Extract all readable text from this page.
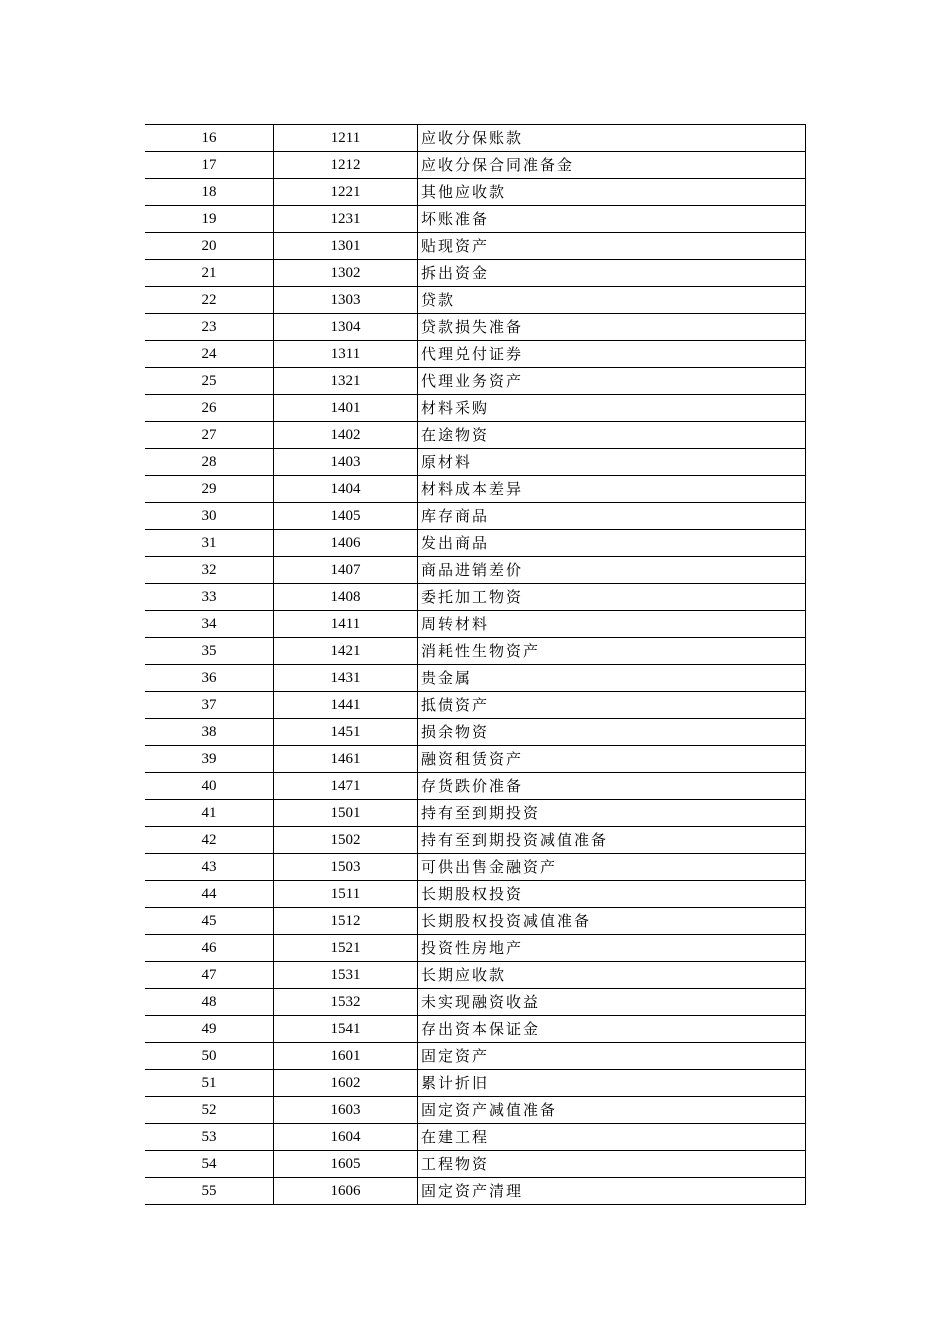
16	1211	应收分保账款
17	1212	应收分保合同准备金
18	1221	其他应收款
19	1231	坏账准备
20	1301	贴现资产
21	1302	拆出资金
22	1303	贷款
23	1304	贷款损失准备
24	1311	代理兑付证券
25	1321	代理业务资产
26	1401	材料采购
27	1402	在途物资
28	1403	原材料
29	1404	材料成本差异
30	1405	库存商品
31	1406	发出商品
32	1407	商品进销差价
33	1408	委托加工物资
34	1411	周转材料
35	1421	消耗性生物资产
36	1431	贵金属
37	1441	抵债资产
38	1451	损余物资
39	1461	融资租赁资产
40	1471	存货跌价准备
41	1501	持有至到期投资
42	1502	持有至到期投资减值准备
43	1503	可供出售金融资产
44	1511	长期股权投资
45	1512	长期股权投资减值准备
46	1521	投资性房地产
47	1531	长期应收款
48	1532	未实现融资收益
49	1541	存出资本保证金
50	1601	固定资产
51	1602	累计折旧
52	1603	固定资产减值准备
53	1604	在建工程
54	1605	工程物资
55	1606	固定资产清理
